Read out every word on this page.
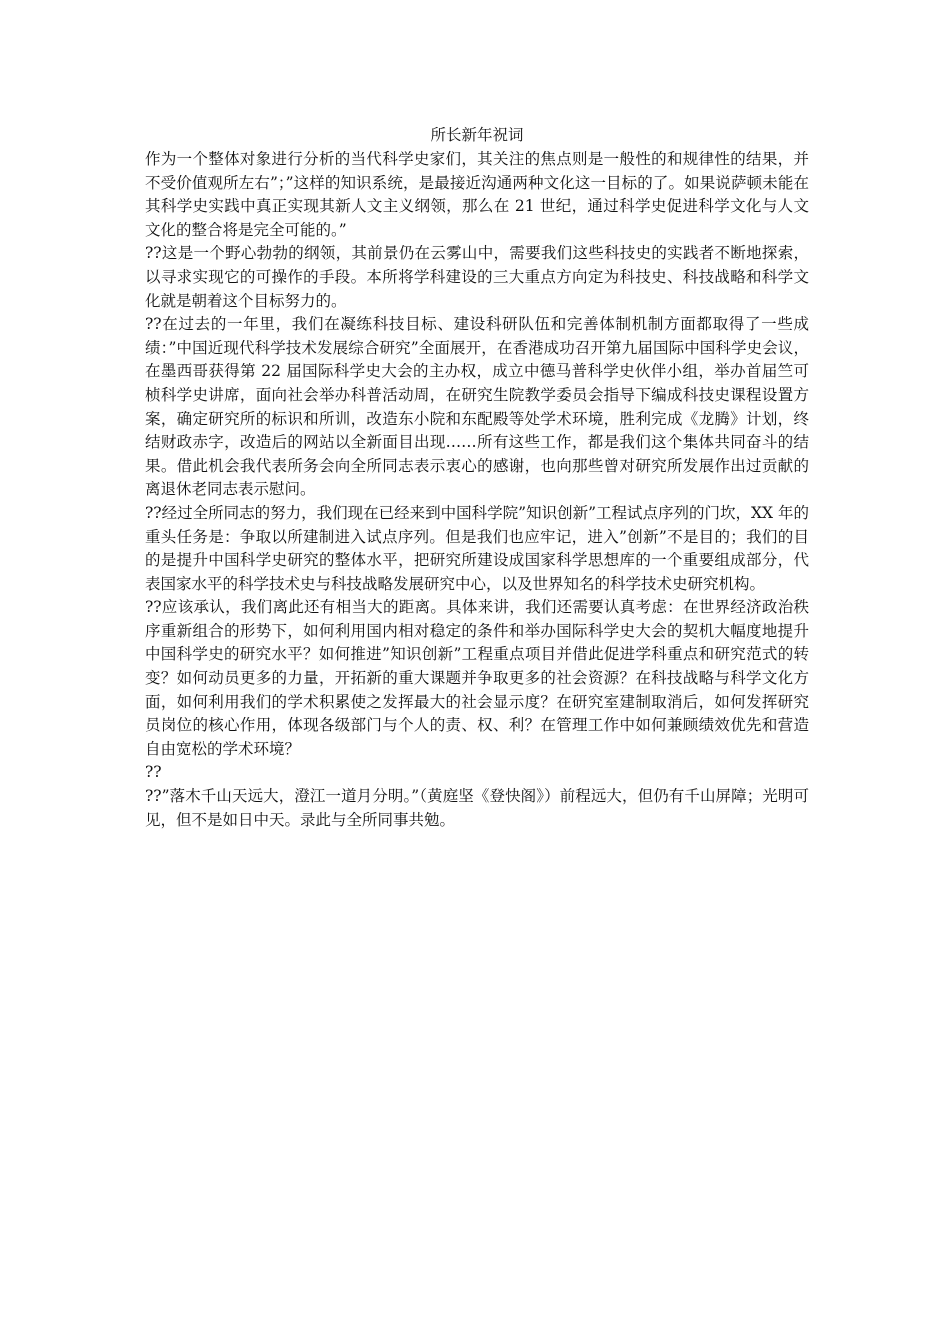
所长新年祝词

作为一个整体对象进行分析的当代科学史家们，其关注的焦点则是一般性的和规律性的结果，并不受价值观所左右”；”这样的知识系统，是最接近沟通两种文化这一目标的了。如果说萨顿未能在其科学史实践中真正实现其新人文主义纲领，那么在 21 世纪，通过科学史促进科学文化与人文文化的整合将是完全可能的。”

??这是一个野心勃勃的纲领，其前景仍在云雾山中，需要我们这些科技史的实践者不断地探索，以寻求实现它的可操作的手段。本所将学科建设的三大重点方向定为科技史、科技战略和科学文化就是朝着这个目标努力的。

??在过去的一年里，我们在凝练科技目标、建设科研队伍和完善体制机制方面都取得了一些成绩：”中国近现代科学技术发展综合研究”全面展开，在香港成功召开第九届国际中国科学史会议，在墨西哥获得第 22 届国际科学史大会的主办权，成立中德马普科学史伙伴小组，举办首届竺可桢科学史讲席，面向社会举办科普活动周，在研究生院教学委员会指导下编成科技史课程设置方案，确定研究所的标识和所训，改造东小院和东配殿等处学术环境，胜利完成《龙腾》计划，终结财政赤字，改造后的网站以全新面目出现……所有这些工作，都是我们这个集体共同奋斗的结果。借此机会我代表所务会向全所同志表示衷心的感谢，也向那些曾对研究所发展作出过贡献的离退休老同志表示慰问。

??经过全所同志的努力，我们现在已经来到中国科学院”知识创新”工程试点序列的门坎，XX 年的重头任务是：争取以所建制进入试点序列。但是我们也应牢记，进入”创新”不是目的；我们的目的是提升中国科学史研究的整体水平，把研究所建设成国家科学思想库的一个重要组成部分，代表国家水平的科学技术史与科技战略发展研究中心，以及世界知名的科学技术史研究机构。

??应该承认，我们离此还有相当大的距离。具体来讲，我们还需要认真考虑：在世界经济政治秩序重新组合的形势下，如何利用国内相对稳定的条件和举办国际科学史大会的契机大幅度地提升中国科学史的研究水平？如何推进”知识创新”工程重点项目并借此促进学科重点和研究范式的转变？如何动员更多的力量，开拓新的重大课题并争取更多的社会资源？在科技战略与科学文化方面，如何利用我们的学术积累使之发挥最大的社会显示度？在研究室建制取消后，如何发挥研究员岗位的核心作用，体现各级部门与个人的责、权、利？在管理工作中如何兼顾绩效优先和营造自由宽松的学术环境？

??

??”落木千山天远大，澄江一道月分明。”（黄庭坚《登快阁》）前程远大，但仍有千山屏障；光明可见，但不是如日中天。录此与全所同事共勉。
